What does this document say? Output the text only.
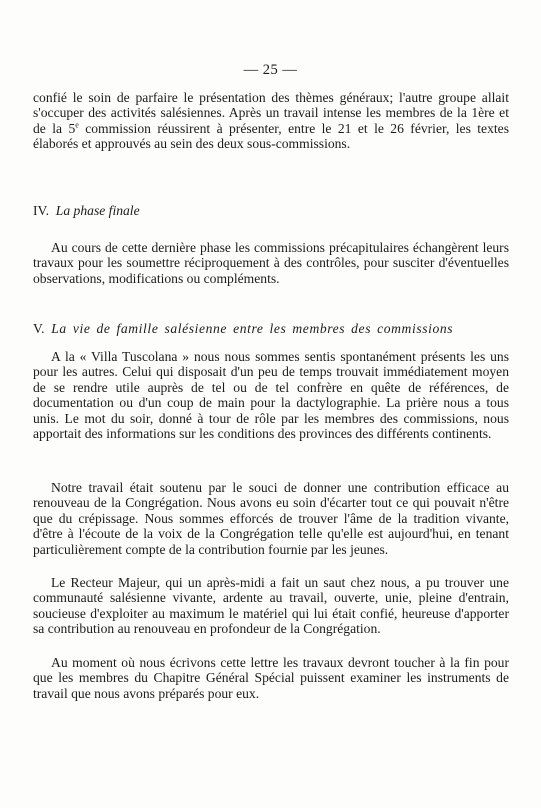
— 25 —

confié le soin de parfaire le présentation des thèmes généraux; l'autre groupe allait s'occuper des activités salésiennes. Après un travail intense les membres de la 1ère et de la 5e commission réussirent à présenter, entre le 21 et le 26 février, les textes élaborés et approuvés au sein des deux sous-commissions.

IV. La phase finale

Au cours de cette dernière phase les commissions précapitulaires échangèrent leurs travaux pour les soumettre réciproquement à des contrôles, pour susciter d'éventuelles observations, modifications ou compléments.

V. La vie de famille salésienne entre les membres des commissions

A la « Villa Tuscolana » nous nous sommes sentis spontanément présents les uns pour les autres. Celui qui disposait d'un peu de temps trouvait immédiatement moyen de se rendre utile auprès de tel ou de tel confrère en quête de références, de documentation ou d'un coup de main pour la dactylographie. La prière nous a tous unis. Le mot du soir, donné à tour de rôle par les membres des commissions, nous apportait des informations sur les conditions des provinces des différents continents.

Notre travail était soutenu par le souci de donner une contribution efficace au renouveau de la Congrégation. Nous avons eu soin d'écarter tout ce qui pouvait n'être que du crépissage. Nous sommes efforcés de trouver l'âme de la tradition vivante, d'être à l'écoute de la voix de la Congrégation telle qu'elle est aujourd'hui, en tenant particulièrement compte de la contribution fournie par les jeunes.

Le Recteur Majeur, qui un après-midi a fait un saut chez nous, a pu trouver une communauté salésienne vivante, ardente au travail, ouverte, unie, pleine d'entrain, soucieuse d'exploiter au maximum le matériel qui lui était confié, heureuse d'apporter sa contribution au renouveau en profondeur de la Congrégation.

Au moment où nous écrivons cette lettre les travaux devront toucher à la fin pour que les membres du Chapitre Général Spécial puissent examiner les instruments de travail que nous avons préparés pour eux.
